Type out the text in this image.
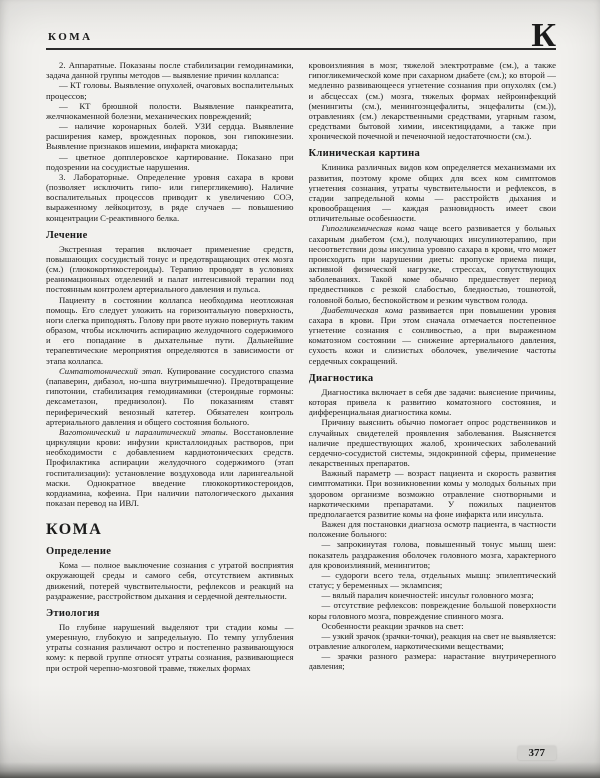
КОМА	К

2. Аппаратные. Показаны после стабилизации гемодинамики, задача данной группы методов — выявление причин коллапса:

— КТ головы. Выявление опухолей, очаговых воспалительных процессов;

— КТ брюшной полости. Выявление панкреатита, желчнокаменной болезни, механических повреждений;

— наличие коронарных болей. УЗИ сердца. Выявление расширения камер, врожденных пороков, зон гипокинезии. Выявление признаков ишемии, инфаркта миокарда;

— цветное допплеровское картирование. Показано при подозрении на сосудистые нарушения.

3. Лабораторные. Определение уровня сахара в крови (позволяет исключить гипо- или гипергликемию). Наличие воспалительных процессов приводит к увеличению СОЭ, выраженному лейкоцитозу, в ряде случаев — повышению концентрации С-реактивного белка.

Лечение

Экстренная терапия включает применение средств, повышающих сосудистый тонус и предотвращающих отек мозга (см.) (глюкокортикостероиды). Терапию проводят в условиях реанимационных отделений и палат интенсивной терапии под постоянным контролем артериального давления и пульса.

Пациенту в состоянии коллапса необходима неотложная помощь. Его следует уложить на горизонтальную поверхность, ноги слегка приподнять. Голову при рвоте нужно повернуть таким образом, чтобы исключить аспирацию желудочного содержимого и его попадание в дыхательные пути. Дальнейшие терапевтические мероприятия определяются в зависимости от этапа коллапса.

Симпатотонический этап. Купирование сосудистого спазма (папаверин, дибазол, но-шпа внутримышечно). Предотвращение гипотонии, стабилизация гемодинамики (стероидные гормоны: дексаметазон, преднизолон). По показаниям ставят периферический венозный катетер. Обязателен контроль артериального давления и общего состояния больного.

Ваготонический и паралитический этапы. Восстановление циркуляции крови: инфузии кристаллоидных растворов, при необходимости с добавлением кардиотонических средств. Профилактика аспирации желудочного содержимого (этап госпитализации): установление воздуховода или ларингеальной маски. Однократное введение глюкокортикостероидов, кордиамина, кофеина. При наличии патологического дыхания показан перевод на ИВЛ.

КОМА
Определение

Кома — полное выключение сознания с утратой восприятия окружающей среды и самого себя, отсутствием активных движений, потерей чувствительности, рефлексов и реакций на раздражение, расстройством дыхания и сердечной деятельности.

Этиология

По глубине нарушений выделяют три стадии комы — умеренную, глубокую и запредельную. По темпу углубления утраты сознания различают остро и постепенно развивающуюся кому: к первой группе относят утраты сознания, развивающиеся при острой черепно-мозговой травме, тяжелых формах

кровоизлияния в мозг, тяжелой электротравме (см.), а также гипогликемической коме при сахарном диабете (см.); ко второй — медленно развивающееся угнетение сознания при опухолях (см.) и абсцессах (см.) мозга, тяжелых формах нейроинфекций (менингиты (см.), менингоэнцефалиты, энцефалиты (см.)), отравлениях (см.) лекарственными средствами, угарным газом, средствами бытовой химии, инсектицидами, а также при хронической почечной и печеночной недостаточности (см.).

Клиническая картина

Клиника различных видов ком определяется механизмами их развития, поэтому кроме общих для всех ком симптомов угнетения сознания, утраты чувствительности и рефлексов, в стадии запредельной комы — расстройств дыхания и кровообращения — каждая разновидность имеет свои отличительные особенности.

Гипогликемическая кома чаще всего развивается у больных сахарным диабетом (см.), получающих инсулинотерапию, при несоответствии дозы инсулина уровню сахара в крови, что может происходить при нарушении диеты: пропуске приема пищи, активной физической нагрузке, стрессах, сопутствующих заболеваниях. Такой коме обычно предшествует период предвестников с резкой слабостью, бледностью, тошнотой, головной болью, беспокойством и резким чувством голода.

Диабетическая кома развивается при повышении уровня сахара в крови. При этом сначала отмечается постепенное угнетение сознания с сонливостью, а при выраженном коматозном состоянии — снижение артериального давления, сухость кожи и слизистых оболочек, увеличение частоты сердечных сокращений.

Диагностика

Диагностика включает в себя две задачи: выяснение причины, которая привела к развитию коматозного состояния, и дифференциальная диагностика комы.

Причину выяснить обычно помогает опрос родственников и случайных свидетелей проявления заболевания. Выясняется наличие предшествующих жалоб, хронических заболеваний сердечно-сосудистой системы, эндокринной сферы, применение лекарственных препаратов.

Важный параметр — возраст пациента и скорость развития симптоматики. При возникновении комы у молодых больных при здоровом организме возможно отравление снотворными и наркотическими препаратами. У пожилых пациентов предполагается развитие комы на фоне инфаркта или инсульта.

Важен для постановки диагноза осмотр пациента, в частности положение больного:

— запрокинутая голова, повышенный тонус мышц шеи: показатель раздражения оболочек головного мозга, характерного для кровоизлияний, менингитов;

— судороги всего тела, отдельных мышц: эпилептический статус; у беременных — эклампсия;

— вялый паралич конечностей: инсульт головного мозга;

— отсутствие рефлексов: повреждение большой поверхности коры головного мозга, повреждение спинного мозга.

Особенности реакции зрачков на свет:

— узкий зрачок (зрачки-точки), реакция на свет не выявляется: отравление алкоголем, наркотическими веществами;

— зрачки разного размера: нарастание внутричерепного давления;

377
